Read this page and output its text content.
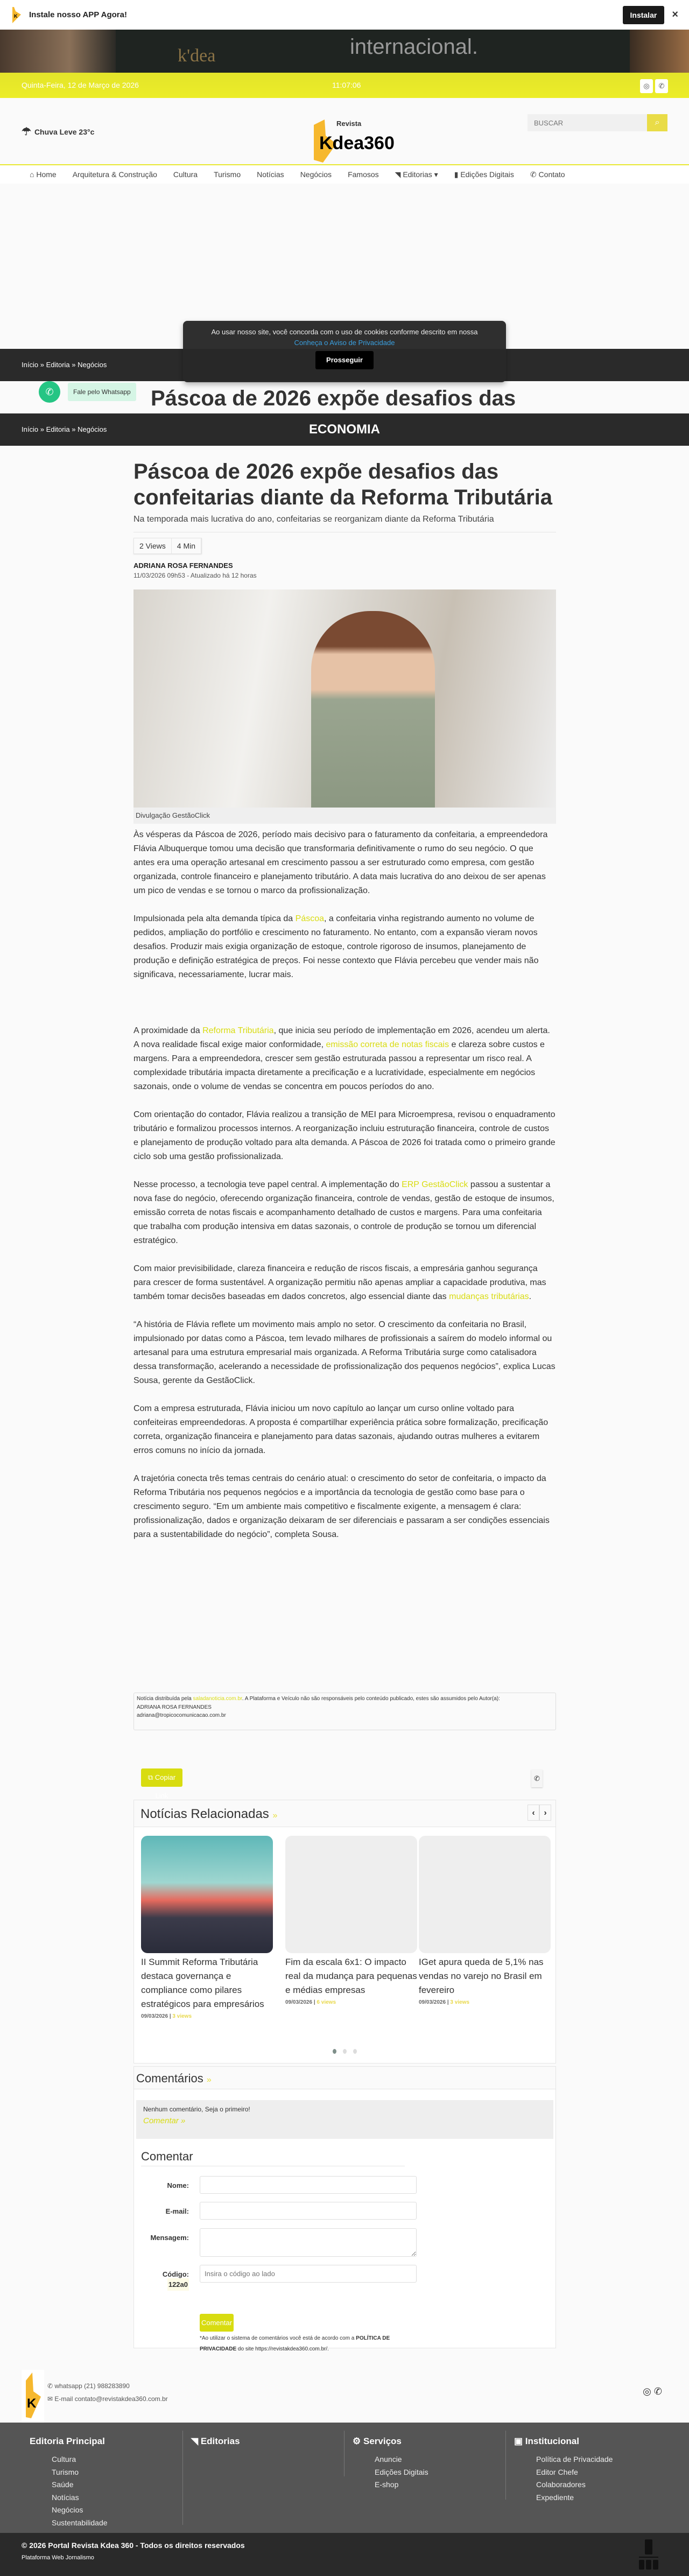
K Instale nosso APP Agora!	Instalar	×
k'dea	internacional.
Quinta-Feira, 12 de Março de 2026	11:07:06	◎	✆
☂ Chuva Leve 23°c
Revista
Kdea360
BUSCAR
⌕
⌂ Home Arquitetura & Construção Cultura Turismo Notícias Negócios Famosos ◥ Editorias ▾ ▮ Edições Digitais ✆ Contato
Ao usar nosso site, você concorda com o uso de cookies conforme descrito em nossa
Conheça o Aviso de Privacidade
Prosseguir
Início » Editoria » Negócios
Páscoa de 2026 expõe desafios das
✆	Fale pelo Whatsapp
ECONOMIA
Início » Editoria » Negócios
Páscoa de 2026 expõe desafios das confeitarias diante da Reforma Tributária
Na temporada mais lucrativa do ano, confeitarias se reorganizam diante da Reforma Tributária
2 Views	4 Min
ADRIANA ROSA FERNANDES
11/03/2026 09h53 - Atualizado há 12 horas
Divulgação GestãoClick

Às vésperas da Páscoa de 2026, período mais decisivo para o faturamento da confeitaria, a empreendedora Flávia Albuquerque tomou uma decisão que transformaria definitivamente o rumo do seu negócio. O que antes era uma operação artesanal em crescimento passou a ser estruturado como empresa, com gestão organizada, controle financeiro e planejamento tributário. A data mais lucrativa do ano deixou de ser apenas um pico de vendas e se tornou o marco da profissionalização.

Impulsionada pela alta demanda típica da Páscoa, a confeitaria vinha registrando aumento no volume de pedidos, ampliação do portfólio e crescimento no faturamento. No entanto, com a expansão vieram novos desafios. Produzir mais exigia organização de estoque, controle rigoroso de insumos, planejamento de produção e definição estratégica de preços. Foi nesse contexto que Flávia percebeu que vender mais não significava, necessariamente, lucrar mais.

A proximidade da Reforma Tributária, que inicia seu período de implementação em 2026, acendeu um alerta. A nova realidade fiscal exige maior conformidade, emissão correta de notas fiscais e clareza sobre custos e margens. Para a empreendedora, crescer sem gestão estruturada passou a representar um risco real. A complexidade tributária impacta diretamente a precificação e a lucratividade, especialmente em negócios sazonais, onde o volume de vendas se concentra em poucos períodos do ano.

Com orientação do contador, Flávia realizou a transição de MEI para Microempresa, revisou o enquadramento tributário e formalizou processos internos. A reorganização incluiu estruturação financeira, controle de custos e planejamento de produção voltado para alta demanda. A Páscoa de 2026 foi tratada como o primeiro grande ciclo sob uma gestão profissionalizada.

Nesse processo, a tecnologia teve papel central. A implementação do ERP GestãoClick passou a sustentar a nova fase do negócio, oferecendo organização financeira, controle de vendas, gestão de estoque de insumos, emissão correta de notas fiscais e acompanhamento detalhado de custos e margens. Para uma confeitaria que trabalha com produção intensiva em datas sazonais, o controle de produção se tornou um diferencial estratégico.

Com maior previsibilidade, clareza financeira e redução de riscos fiscais, a empresária ganhou segurança para crescer de forma sustentável. A organização permitiu não apenas ampliar a capacidade produtiva, mas também tomar decisões baseadas em dados concretos, algo essencial diante das mudanças tributárias.

“A história de Flávia reflete um movimento mais amplo no setor. O crescimento da confeitaria no Brasil, impulsionado por datas como a Páscoa, tem levado milhares de profissionais a saírem do modelo informal ou artesanal para uma estrutura empresarial mais organizada. A Reforma Tributária surge como catalisadora dessa transformação, acelerando a necessidade de profissionalização dos pequenos negócios”, explica Lucas Sousa, gerente da GestãoClick.

Com a empresa estruturada, Flávia iniciou um novo capítulo ao lançar um curso online voltado para confeiteiras empreendedoras. A proposta é compartilhar experiência prática sobre formalização, precificação correta, organização financeira e planejamento para datas sazonais, ajudando outras mulheres a evitarem erros comuns no início da jornada.

A trajetória conecta três temas centrais do cenário atual: o crescimento do setor de confeitaria, o impacto da Reforma Tributária nos pequenos negócios e a importância da tecnologia de gestão como base para o crescimento seguro. “Em um ambiente mais competitivo e fiscalmente exigente, a mensagem é clara: profissionalização, dados e organização deixaram de ser diferenciais e passaram a ser condições essenciais para a sustentabilidade do negócio”, completa Sousa.

Notícia distribuída pela saladanoticia.com.br. A Plataforma e Veículo não são responsáveis pelo conteúdo publicado, estes são assumidos pelo Autor(a):
ADRIANA ROSA FERNANDES
adriana@tropicocomunicacao.com.br
⧉ Copiar Link
✆
Notícias Relacionadas »	‹	›
II Summit Reforma Tributária destaca governança e compliance como pilares estratégicos para empresários
09/03/2026 | 3 views
Fim da escala 6x1: O impacto real da mudança para pequenas e médias empresas
09/03/2026 | 6 views
IGet apura queda de 5,1% nas vendas no varejo no Brasil em fevereiro
09/03/2026 | 3 views
Comentários »
Nenhum comentário, Seja o primeiro!
Comentar »
Comentar
Nome:
E-mail:
Mensagem:
Código:
122a0
Insira o código ao lado
Comentar
*Ao utilizar o sistema de comentários você está de acordo com a POLÍTICA DE PRIVACIDADE do site https://revistakdea360.com.br/.
K
✆ whatsapp (21) 988283890
✉ E-mail contato@revistakdea360.com.br
◎ ✆
Editoria Principal
Cultura
Turismo
Saúde
Notícias
Negócios
Sustentabilidade
◥ Editorias	⚙ Serviços
Anuncie
Edições Digitais
E-shop
▣ Institucional
Política de Privacidade
Editor Chefe
Colaboradores
Expediente
© 2026 Portal Revista Kdea 360 - Todos os direitos reservados
Plataforma Web Jornalismo
